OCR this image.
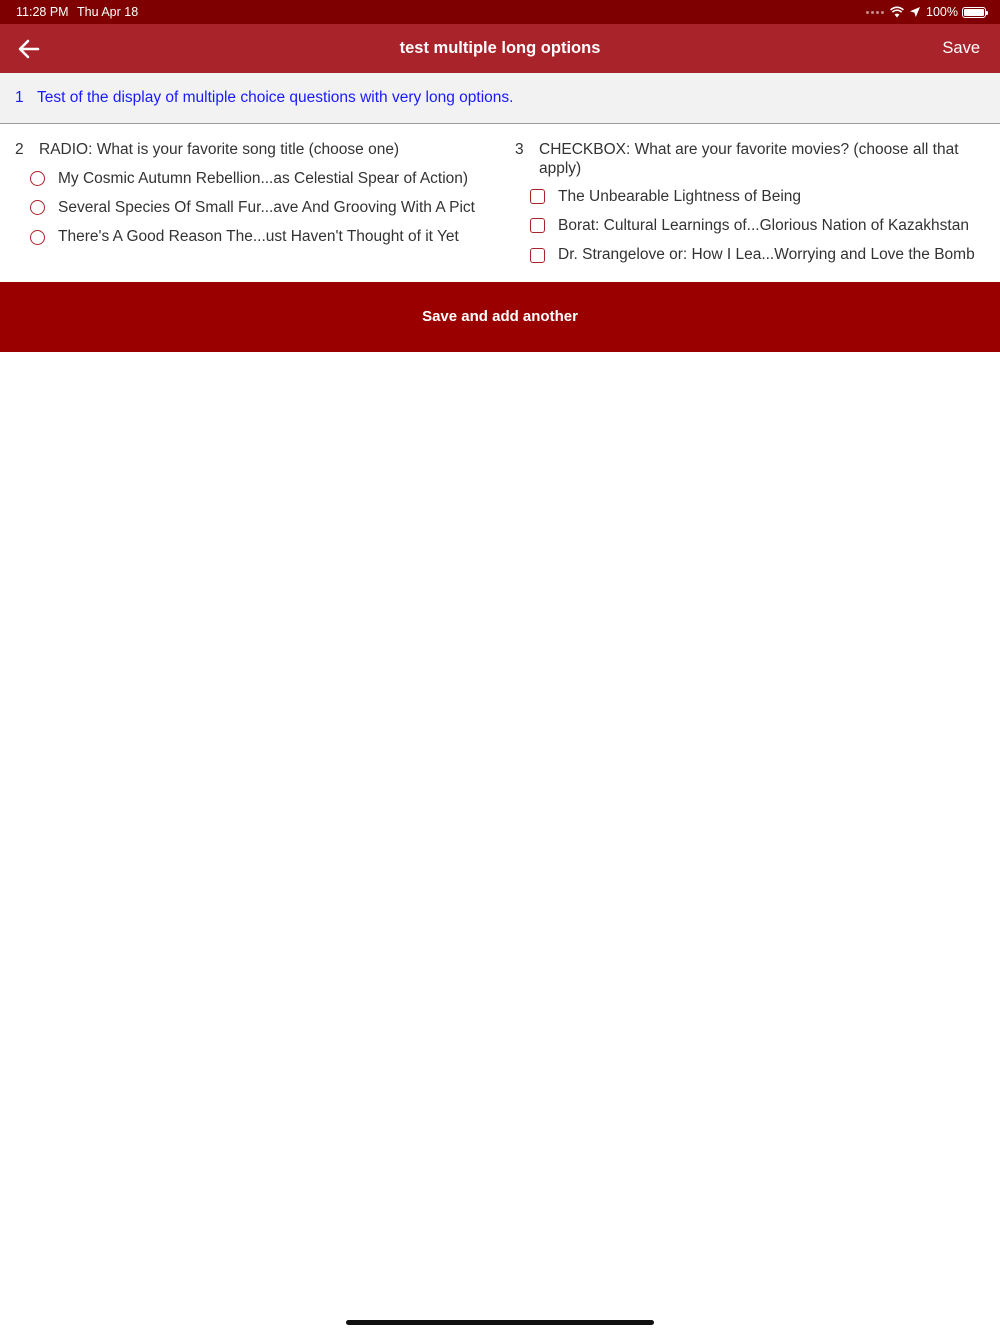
11:28 PM Thu Apr 18	100%
test multiple long options	Save
1 Test of the display of multiple choice questions with very long options.
2 RADIO: What is your favorite song title (choose one)
My Cosmic Autumn Rebellion...as Celestial Spear of Action)
Several Species Of Small Fur...ave And Grooving With A Pict
There's A Good Reason The...ust Haven't Thought of it Yet
3 CHECKBOX: What are your favorite movies? (choose all that apply)
The Unbearable Lightness of Being
Borat: Cultural Learnings of...Glorious Nation of Kazakhstan
Dr. Strangelove or: How I Lea...Worrying and Love the Bomb
Save and add another
